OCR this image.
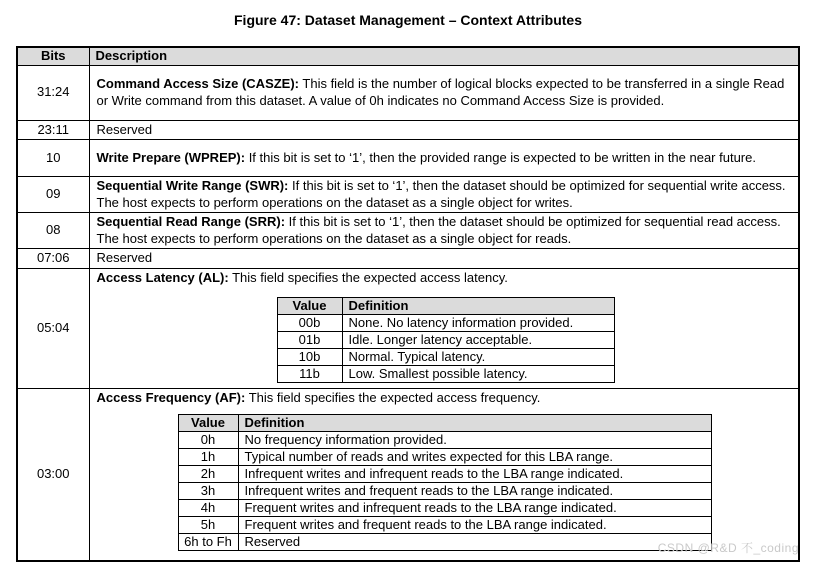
Figure 47: Dataset Management – Context Attributes
Bits	Description
31:24	Command Access Size (CASZE): This field is the number of logical blocks expected to be transferred in a single Read or Write command from this dataset. A value of 0h indicates no Command Access Size is provided.
23:11	Reserved
10	Write Prepare (WPREP): If this bit is set to ‘1’, then the provided range is expected to be written in the near future.
09	Sequential Write Range (SWR): If this bit is set to ‘1’, then the dataset should be optimized for sequential write access. The host expects to perform operations on the dataset as a single object for writes.
08	Sequential Read Range (SRR): If this bit is set to ‘1’, then the dataset should be optimized for sequential read access. The host expects to perform operations on the dataset as a single object for reads.
07:06	Reserved
05:04	Access Latency (AL): This field specifies the expected access latency.
Value	Definition
00b	None. No latency information provided.
01b	Idle. Longer latency acceptable.
10b	Normal. Typical latency.
11b	Low. Smallest possible latency.

03:00	Access Frequency (AF): This field specifies the expected access frequency.
Value	Definition
0h	No frequency information provided.
1h	Typical number of reads and writes expected for this LBA range.
2h	Infrequent writes and infrequent reads to the LBA range indicated.
3h	Infrequent writes and frequent reads to the LBA range indicated.
4h	Frequent writes and infrequent reads to the LBA range indicated.
5h	Frequent writes and frequent reads to the LBA range indicated.
6h to Fh	Reserved	CSDN @R&D 不_coding
